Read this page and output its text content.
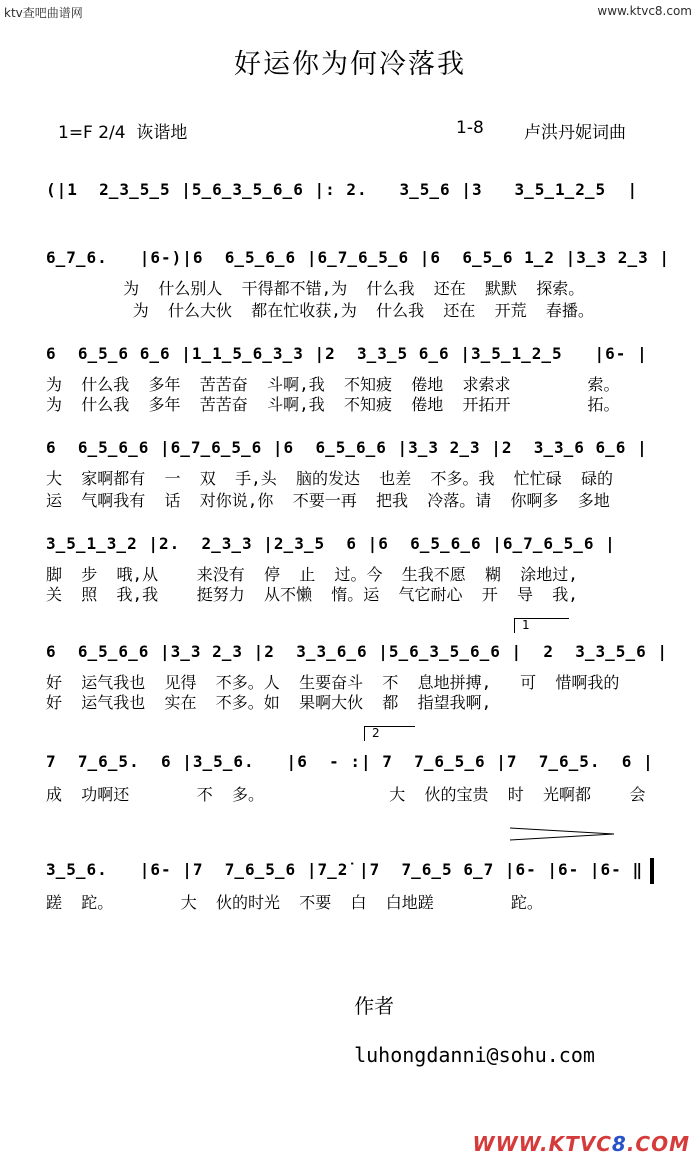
ktv查吧曲谱网	www.ktvc8.com
好运你为何冷落我
1=F 2/4  诙谐地	1-8 卢洪丹妮词曲
(|1  2̲3̲5̲5 |5̲6̲3̲5̲6̲6 |: 2.   3̲5̲6 |3   3̲5̲1̲2̲5  |
6̲7̲6.   |6-)|6  6̲5̲6̲6 |6̲7̲6̲5̲6 |6  6̲5̲6 1̲2 |3̲3 2̲3 |
为  什么别人  干得都不错,为  什么我  还在  默默  探索。
为  什么大伙  都在忙收获,为  什么我  还在  开荒  春播。
6  6̲5̲6 6̲6 |1̲1̲5̲6̲3̲3 |2  3̲3̲5 6̲6 |3̲5̲1̲2̲5   |6- |
为  什么我  多年  苦苦奋  斗啊,我  不知疲  倦地  求索求        索。
为  什么我  多年  苦苦奋  斗啊,我  不知疲  倦地  开拓开        拓。
6  6̲5̲6̲6 |6̲7̲6̲5̲6 |6  6̲5̲6̲6 |3̲3 2̲3 |2  3̲3̲6 6̲6 |
大  家啊都有  一  双  手,头  脑的发达  也差  不多。我  忙忙碌  碌的
运  气啊我有  话  对你说,你  不要一再  把我  冷落。请  你啊多  多地
3̲5̲1̲3̲2 |2.  2̲3̲3 |2̲3̲5  6 |6  6̲5̲6̲6 |6̲7̲6̲5̲6 |
脚  步  哦,从    来没有  停  止  过。今  生我不愿  糊  涂地过,
关  照  我,我    挺努力  从不懒  惰。运  气它耐心  开  导  我,
1
6  6̲5̲6̲6 |3̲3 2̲3 |2  3̲3̲6̲6 |5̲6̲3̲5̲6̲6 |  2  3̲3̲5̲6 |
好  运气我也  见得  不多。人  生要奋斗  不  息地拼搏,   可  惜啊我的
好  运气我也  实在  不多。如  果啊大伙  都  指望我啊,
2
7  7̲6̲5.  6 |3̲5̲6.   |6  - :| 7  7̲6̲5̲6 |7  7̲6̲5.  6 |
成  功啊还       不  多。             大  伙的宝贵  时  光啊都    会
3̲5̲6.   |6- |7  7̲6̲5̲6 |7̲2̇ |7  7̲6̲5 6̲7 |6- |6- |6- ‖
蹉  跎。       大  伙的时光  不要  白  白地蹉        跎。

作者

luhongdanni@sohu.com

WWW.KTVC8.COM
